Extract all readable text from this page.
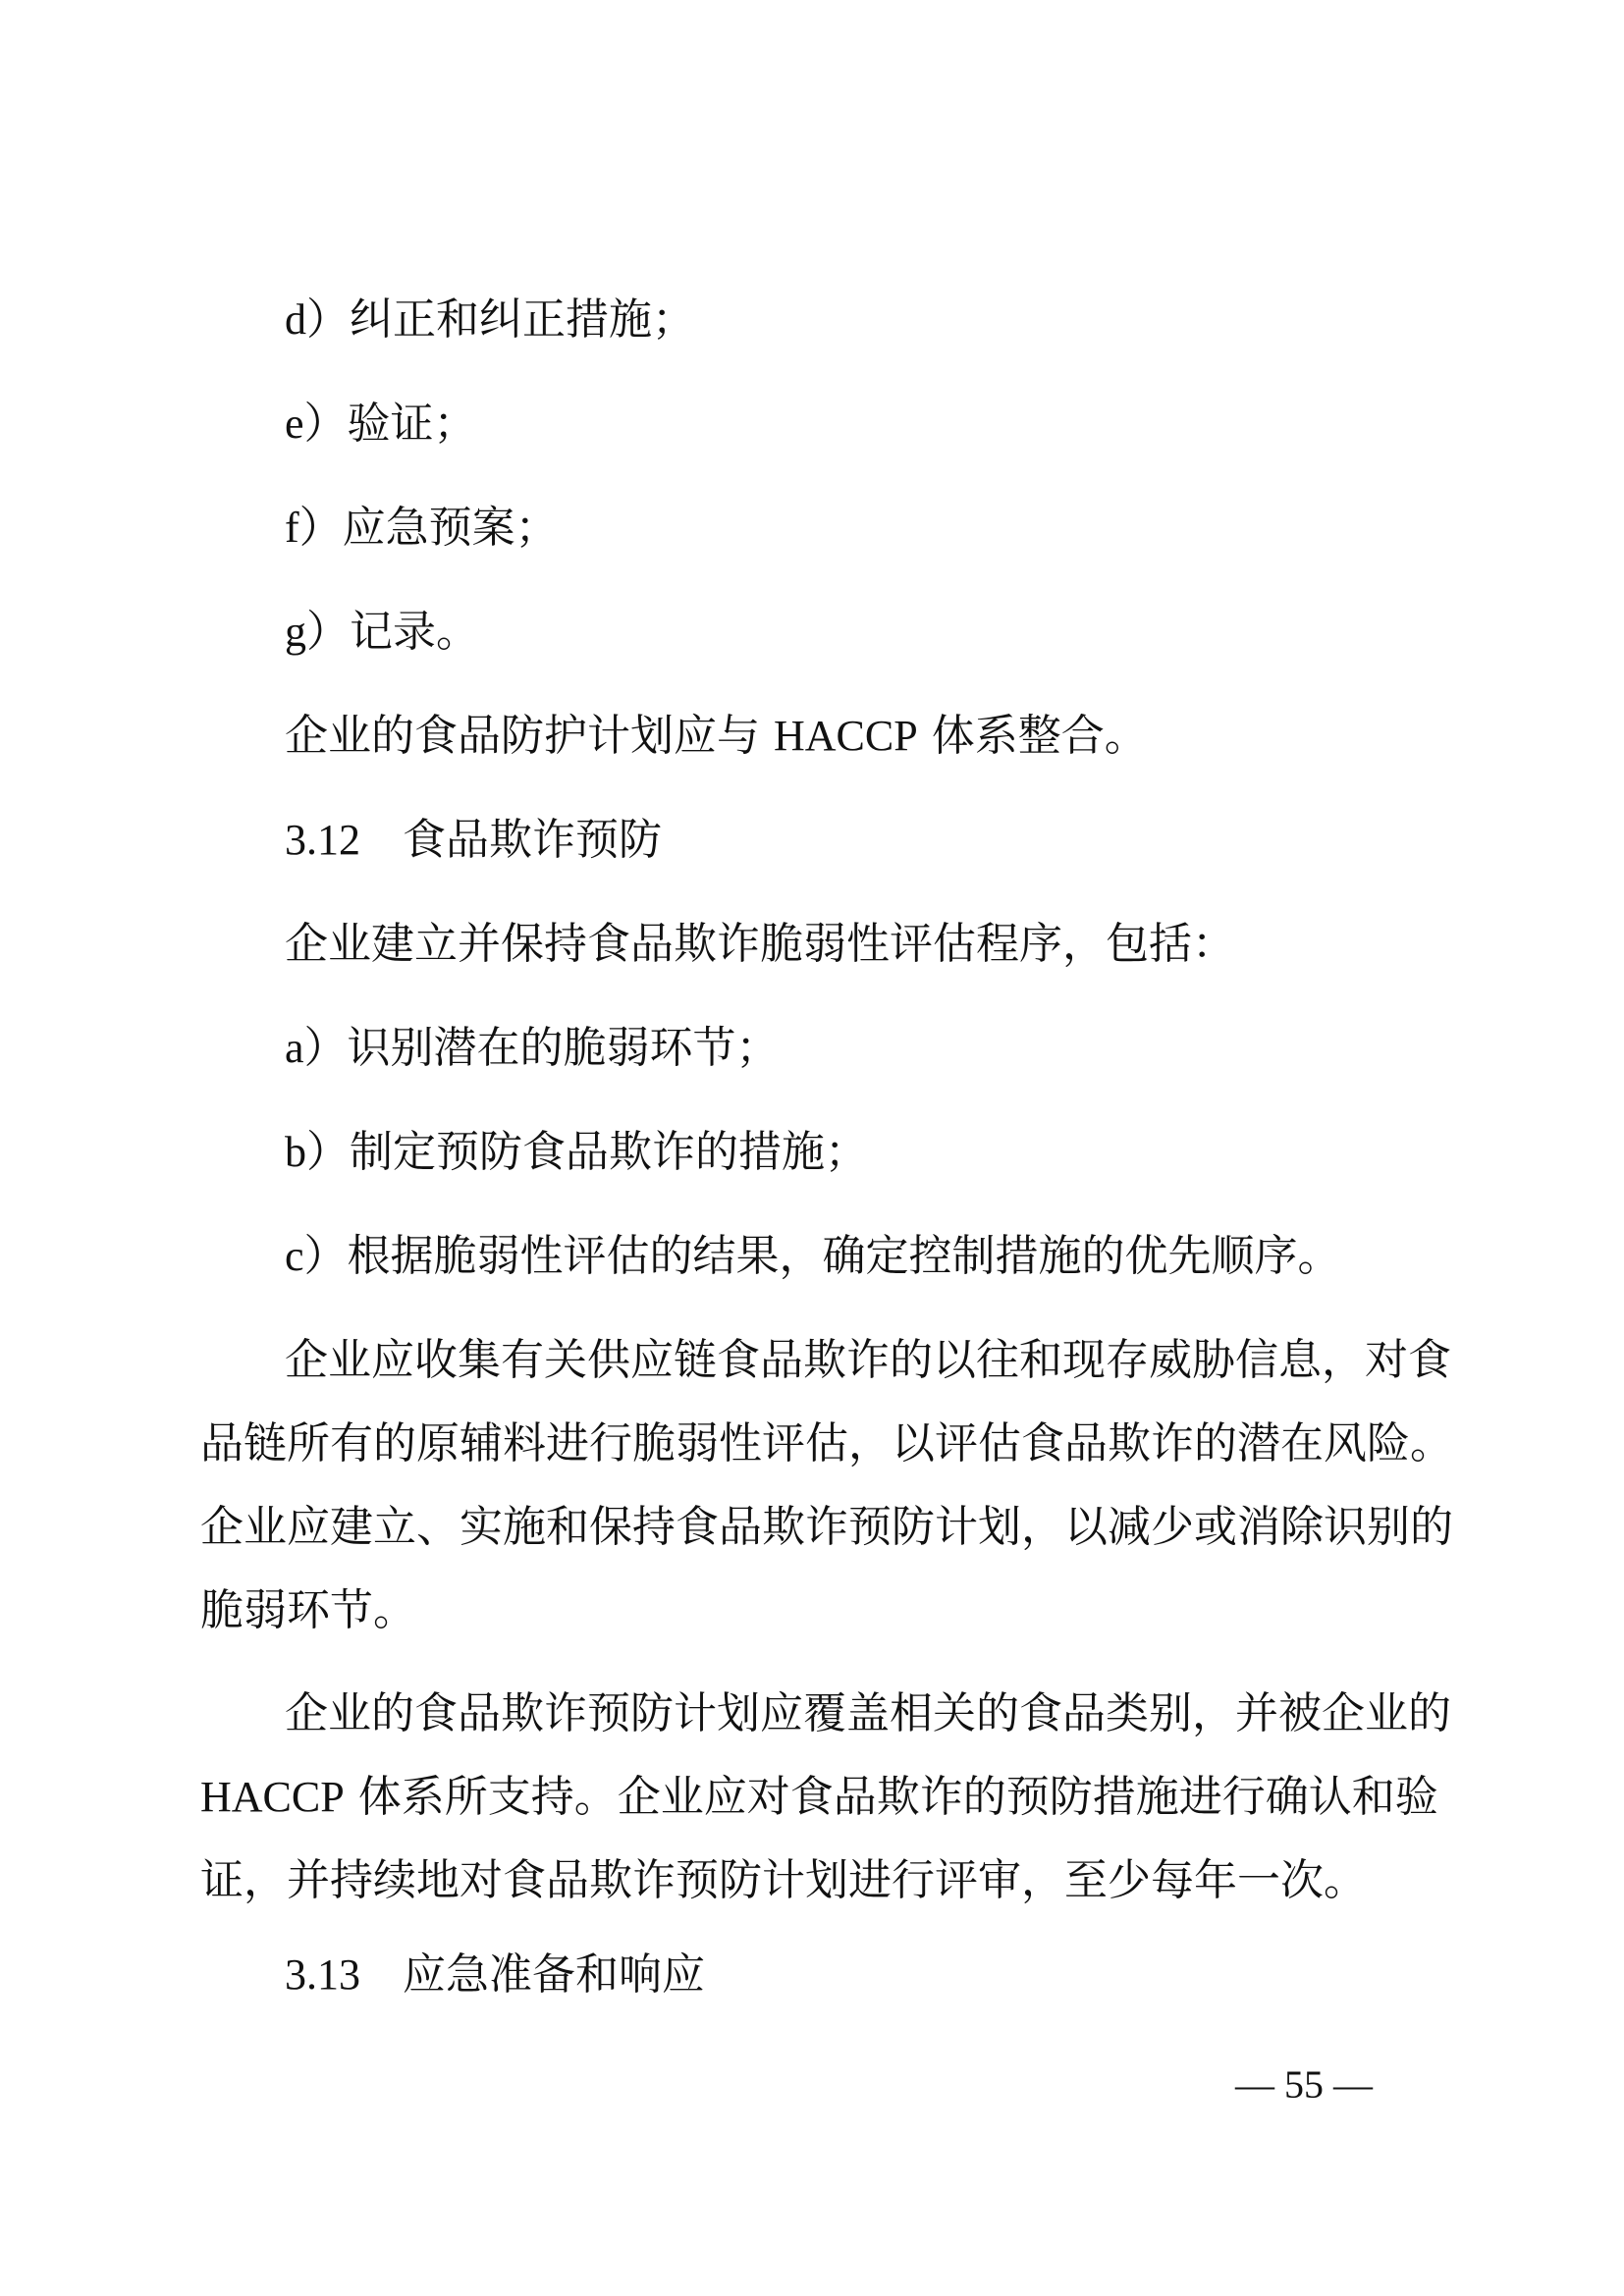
d）纠正和纠正措施；

e）验证；

f）应急预案；

g）记录。

企业的食品防护计划应与 HACCP 体系整合。

3.12 食品欺诈预防

企业建立并保持食品欺诈脆弱性评估程序，包括：

a）识别潜在的脆弱环节；

b）制定预防食品欺诈的措施；

c）根据脆弱性评估的结果，确定控制措施的优先顺序。

企业应收集有关供应链食品欺诈的以往和现存威胁信息，对食

品链所有的原辅料进行脆弱性评估，以评估食品欺诈的潜在风险。

企业应建立、实施和保持食品欺诈预防计划，以减少或消除识别的

脆弱环节。

企业的食品欺诈预防计划应覆盖相关的食品类别，并被企业的

HACCP 体系所支持。企业应对食品欺诈的预防措施进行确认和验

证，并持续地对食品欺诈预防计划进行评审，至少每年一次。

3.13 应急准备和响应

— 55 —
